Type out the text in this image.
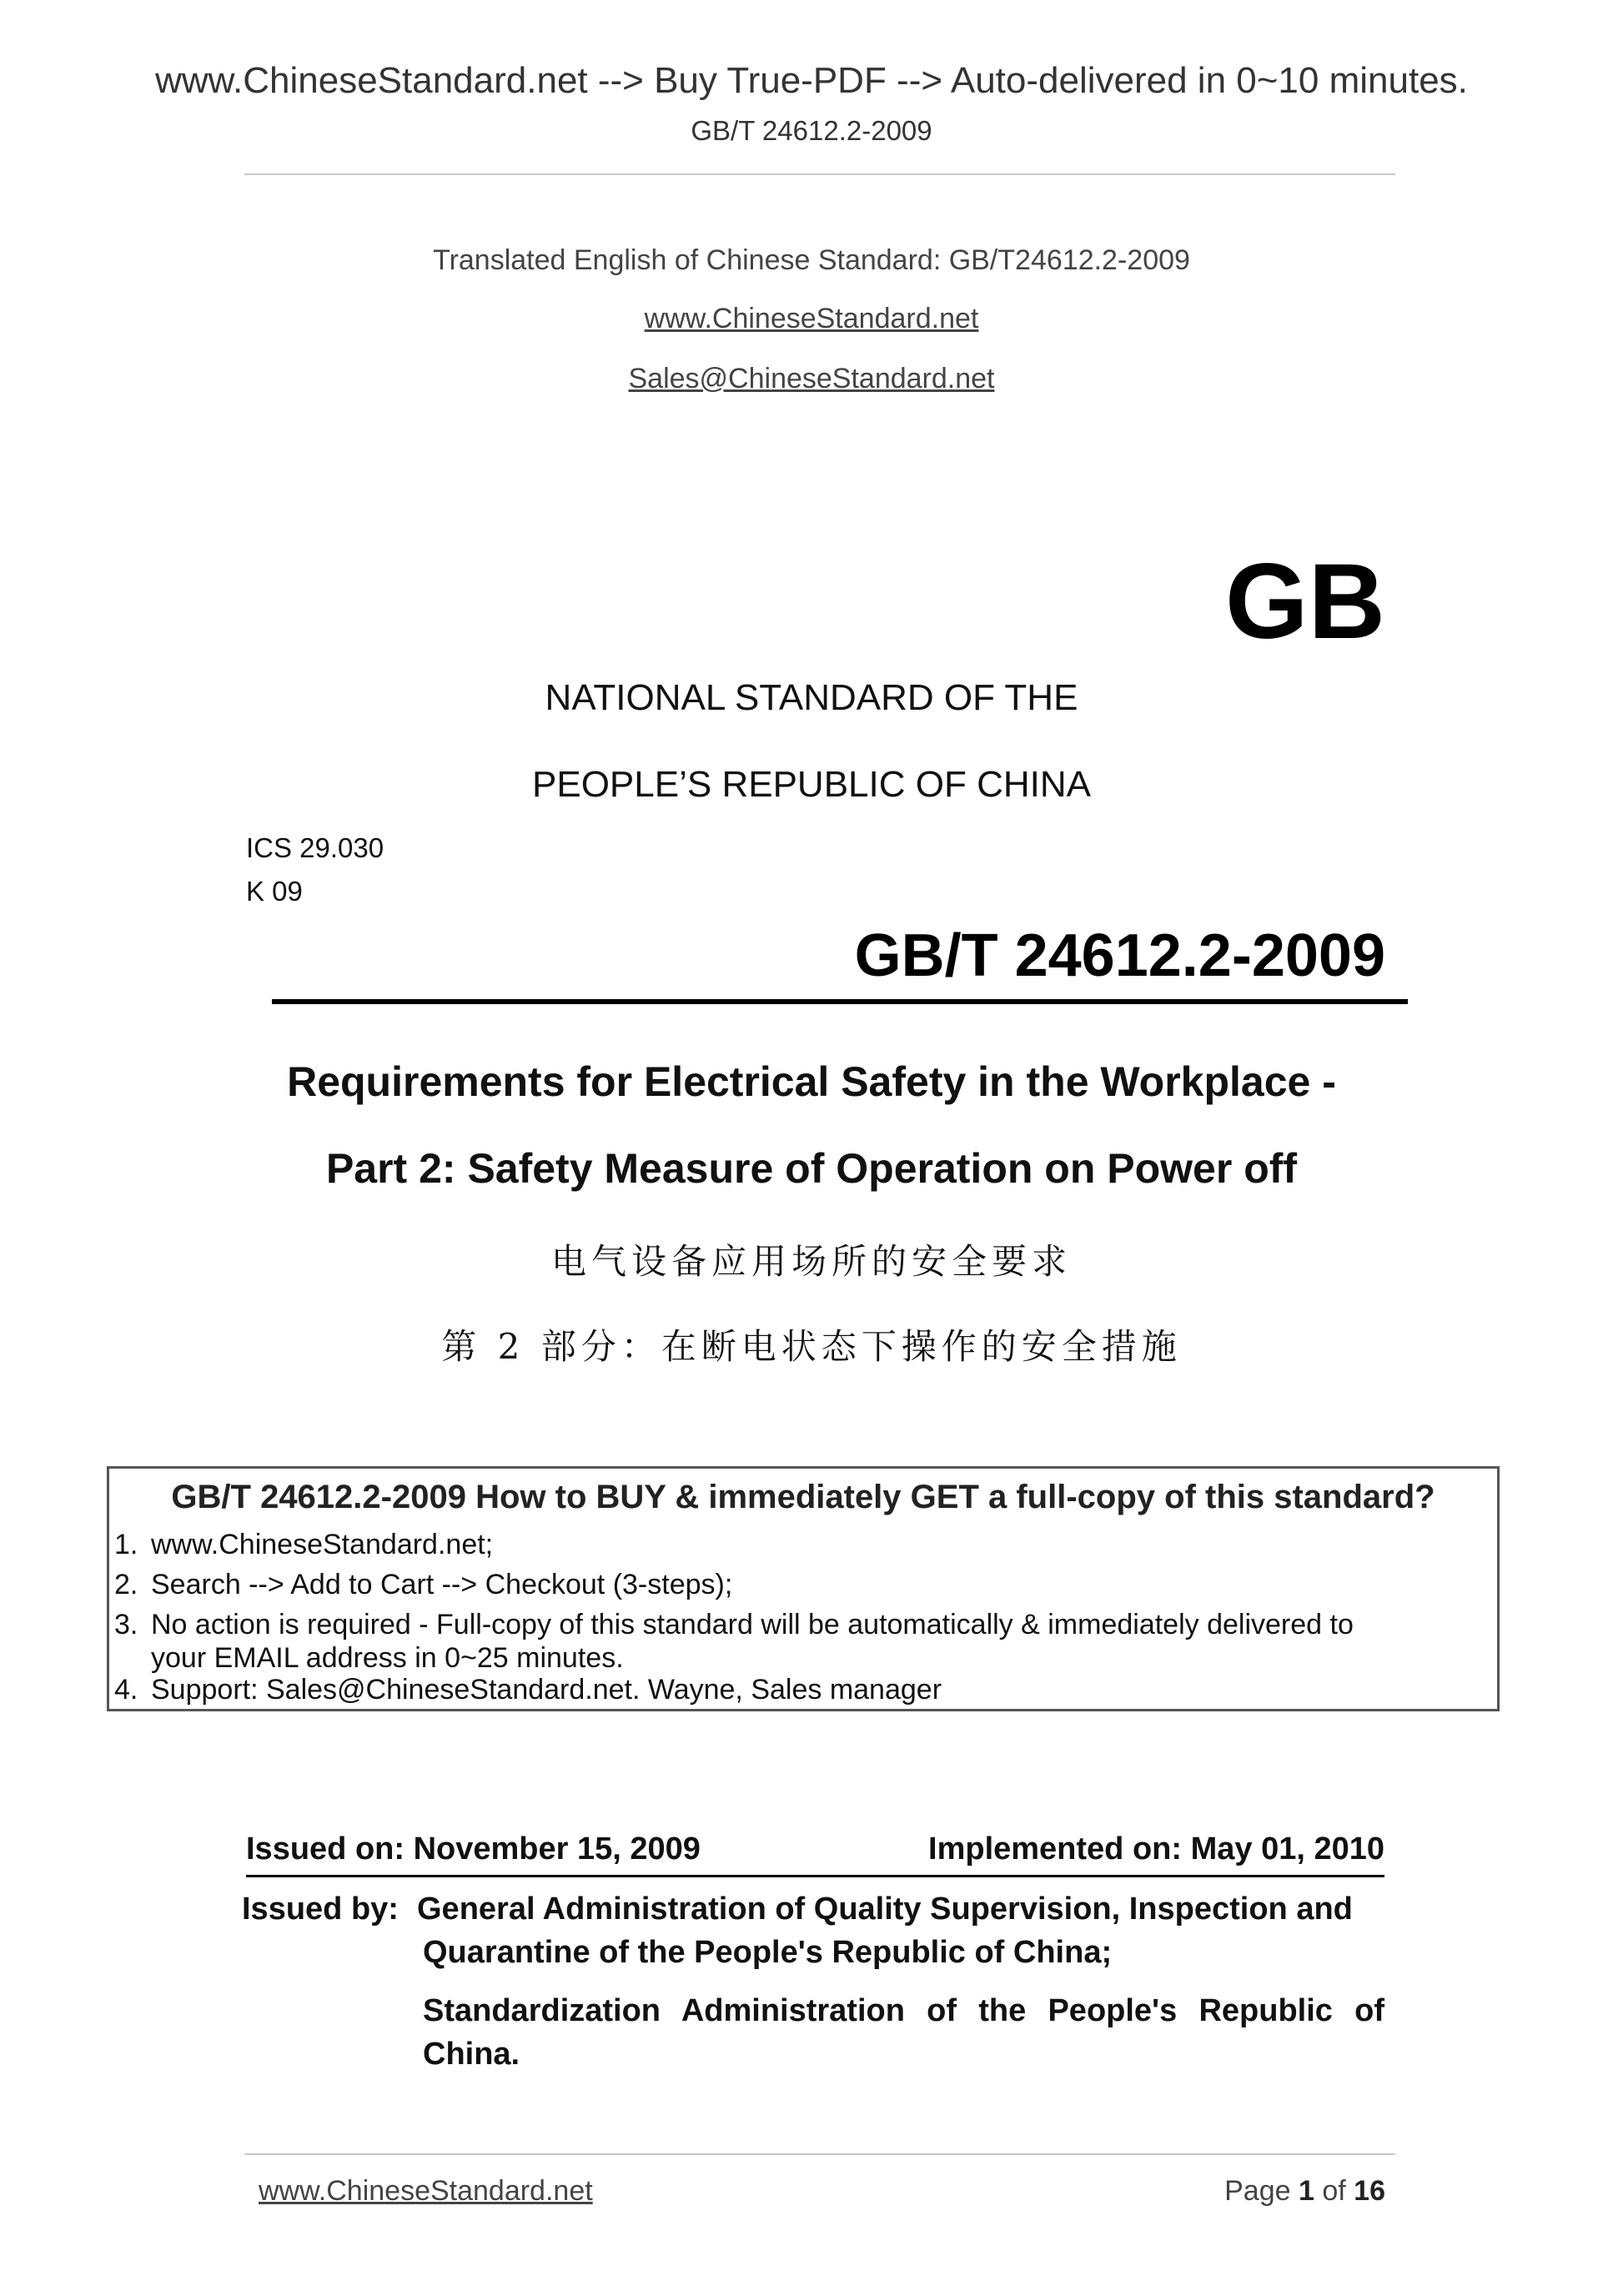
www.ChineseStandard.net --> Buy True-PDF --> Auto-delivered in 0~10 minutes.
GB/T 24612.2-2009
Translated English of Chinese Standard: GB/T24612.2-2009
www.ChineseStandard.net
Sales@ChineseStandard.net
GB
NATIONAL STANDARD OF THE
PEOPLE’S REPUBLIC OF CHINA
ICS 29.030
K 09
GB/T 24612.2-2009
Requirements for Electrical Safety in the Workplace -
Part 2: Safety Measure of Operation on Power off
电气设备应用场所的安全要求
第 2 部分：在断电状态下操作的安全措施
GB/T 24612.2-2009 How to BUY & immediately GET a full-copy of this standard?
1. www.ChineseStandard.net;
2. Search --> Add to Cart --> Checkout (3-steps);
3. No action is required - Full-copy of this standard will be automatically & immediately delivered to
your EMAIL address in 0~25 minutes.
4. Support: Sales@ChineseStandard.net. Wayne, Sales manager
Issued on: November 15, 2009	Implemented on: May 01, 2010
Issued by: General Administration of Quality Supervision, Inspection and
Quarantine of the People's Republic of China;
Standardization Administration of the People's Republic of
China.
www.ChineseStandard.net	Page 1 of 16
